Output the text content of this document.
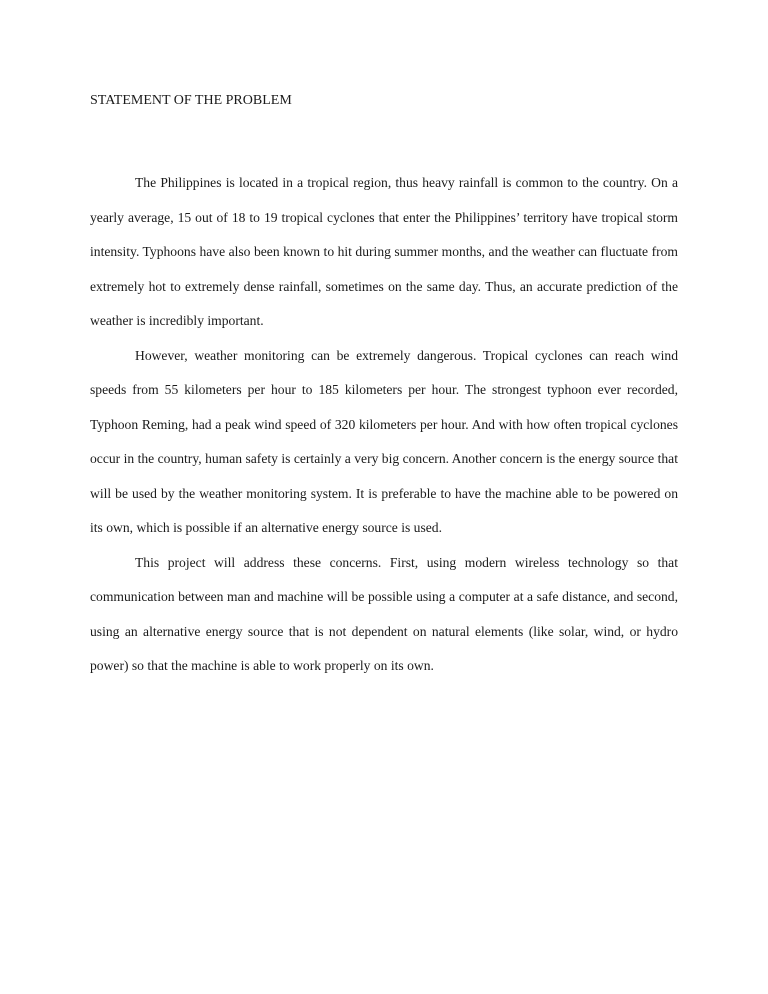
STATEMENT OF THE PROBLEM

The Philippines is located in a tropical region, thus heavy rainfall is common to the country. On a yearly average, 15 out of 18 to 19 tropical cyclones that enter the Philippines’ territory have tropical storm intensity. Typhoons have also been known to hit during summer months, and the weather can fluctuate from extremely hot to extremely dense rainfall, sometimes on the same day. Thus, an accurate prediction of the weather is incredibly important.

However, weather monitoring can be extremely dangerous. Tropical cyclones can reach wind speeds from 55 kilometers per hour to 185 kilometers per hour. The strongest typhoon ever recorded, Typhoon Reming, had a peak wind speed of 320 kilometers per hour. And with how often tropical cyclones occur in the country, human safety is certainly a very big concern. Another concern is the energy source that will be used by the weather monitoring system. It is preferable to have the machine able to be powered on its own, which is possible if an alternative energy source is used.

This project will address these concerns. First, using modern wireless technology so that communication between man and machine will be possible using a computer at a safe distance, and second, using an alternative energy source that is not dependent on natural elements (like solar, wind, or hydro power) so that the machine is able to work properly on its own.
